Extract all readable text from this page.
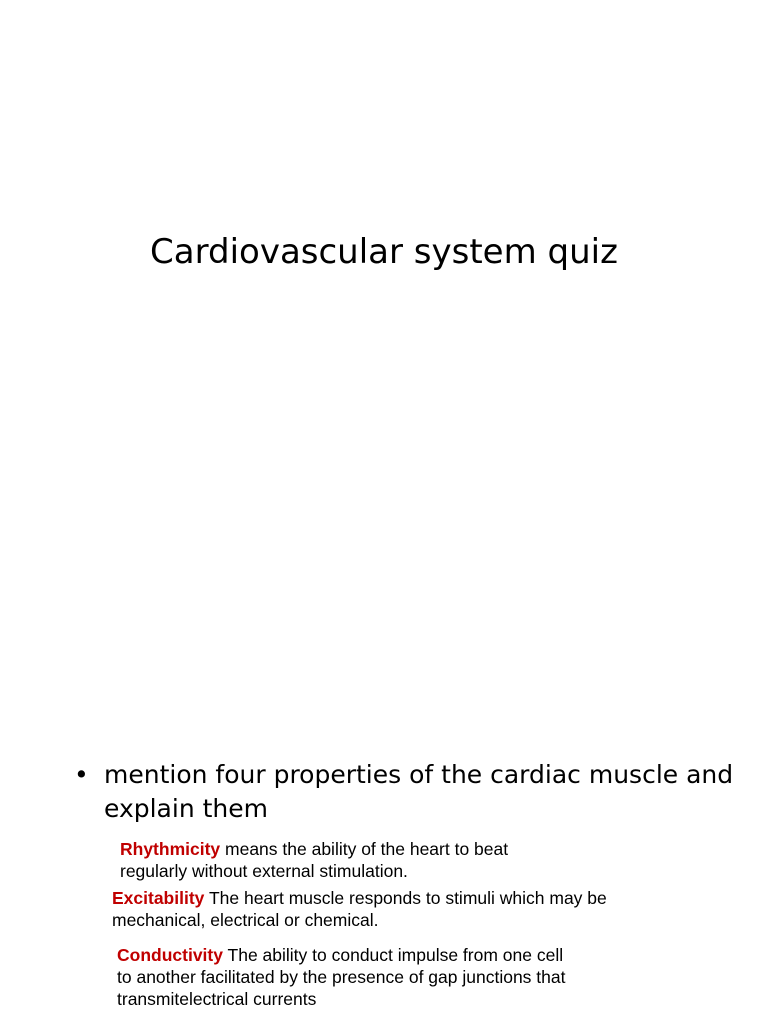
Cardiovascular system quiz
• mention four properties of the cardiac muscle and explain them
Rhythmicity means the ability of the heart to beat regularly without external stimulation.
Excitability The heart muscle responds to stimuli which may be mechanical, electrical or chemical.
Conductivity The ability to conduct impulse from one cell to another facilitated by the presence of gap junctions that transmitelectrical currents
